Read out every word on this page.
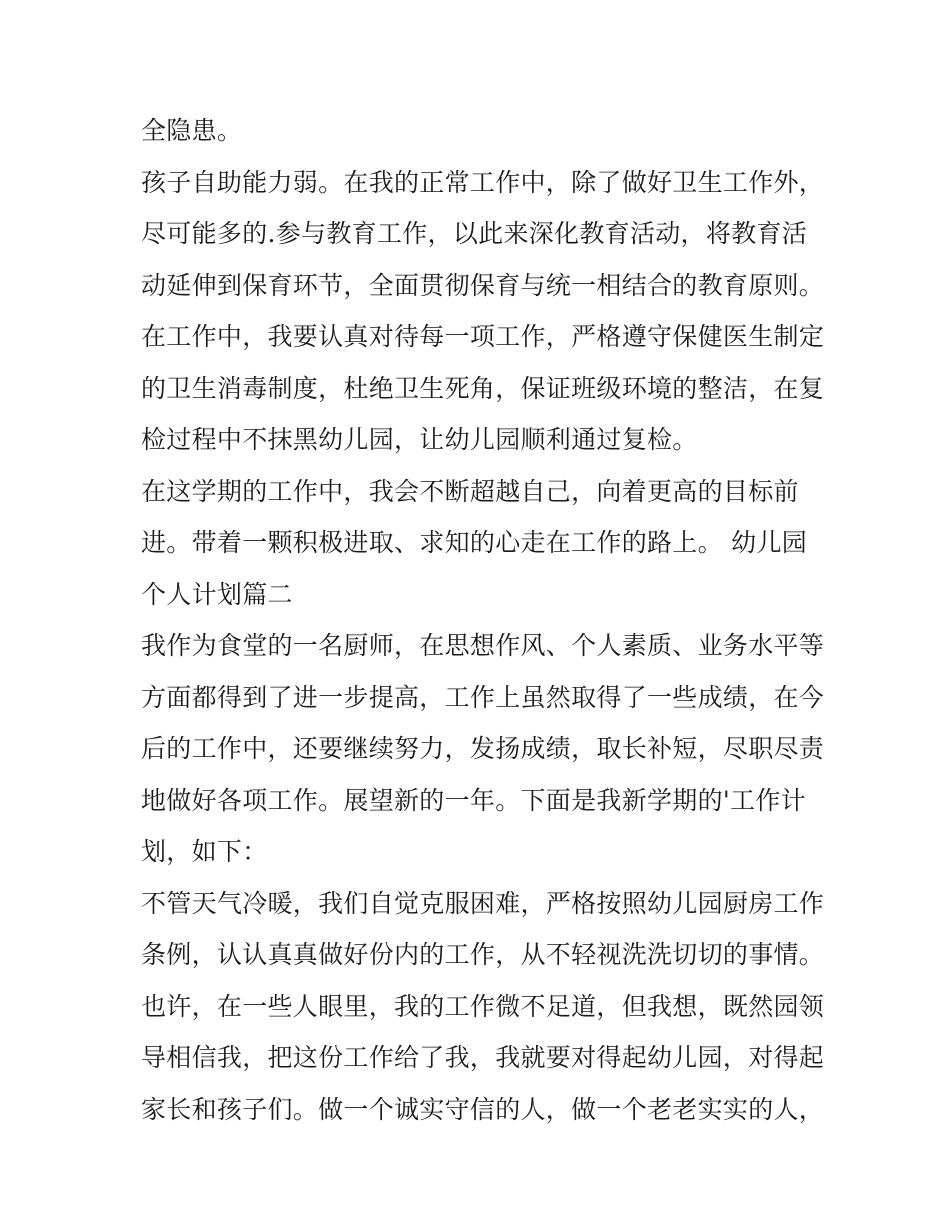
全隐患。
孩子自助能力弱。在我的正常工作中，除了做好卫生工作外，
尽可能多的.参与教育工作，以此来深化教育活动，将教育活
动延伸到保育环节，全面贯彻保育与统一相结合的教育原则。
在工作中，我要认真对待每一项工作，严格遵守保健医生制定
的卫生消毒制度，杜绝卫生死角，保证班级环境的整洁，在复
检过程中不抹黑幼儿园，让幼儿园顺利通过复检。
在这学期的工作中，我会不断超越自己，向着更高的目标前
进。带着一颗积极进取、求知的心走在工作的路上。 幼儿园
个人计划篇二
我作为食堂的一名厨师，在思想作风、个人素质、业务水平等
方面都得到了进一步提高，工作上虽然取得了一些成绩，在今
后的工作中，还要继续努力，发扬成绩，取长补短，尽职尽责
地做好各项工作。展望新的一年。下面是我新学期的'工作计
划，如下：
不管天气冷暖，我们自觉克服困难，严格按照幼儿园厨房工作
条例，认认真真做好份内的工作，从不轻视洗洗切切的事情。
也许，在一些人眼里，我的工作微不足道，但我想，既然园领
导相信我，把这份工作给了我，我就要对得起幼儿园，对得起
家长和孩子们。做一个诚实守信的人，做一个老老实实的人，
